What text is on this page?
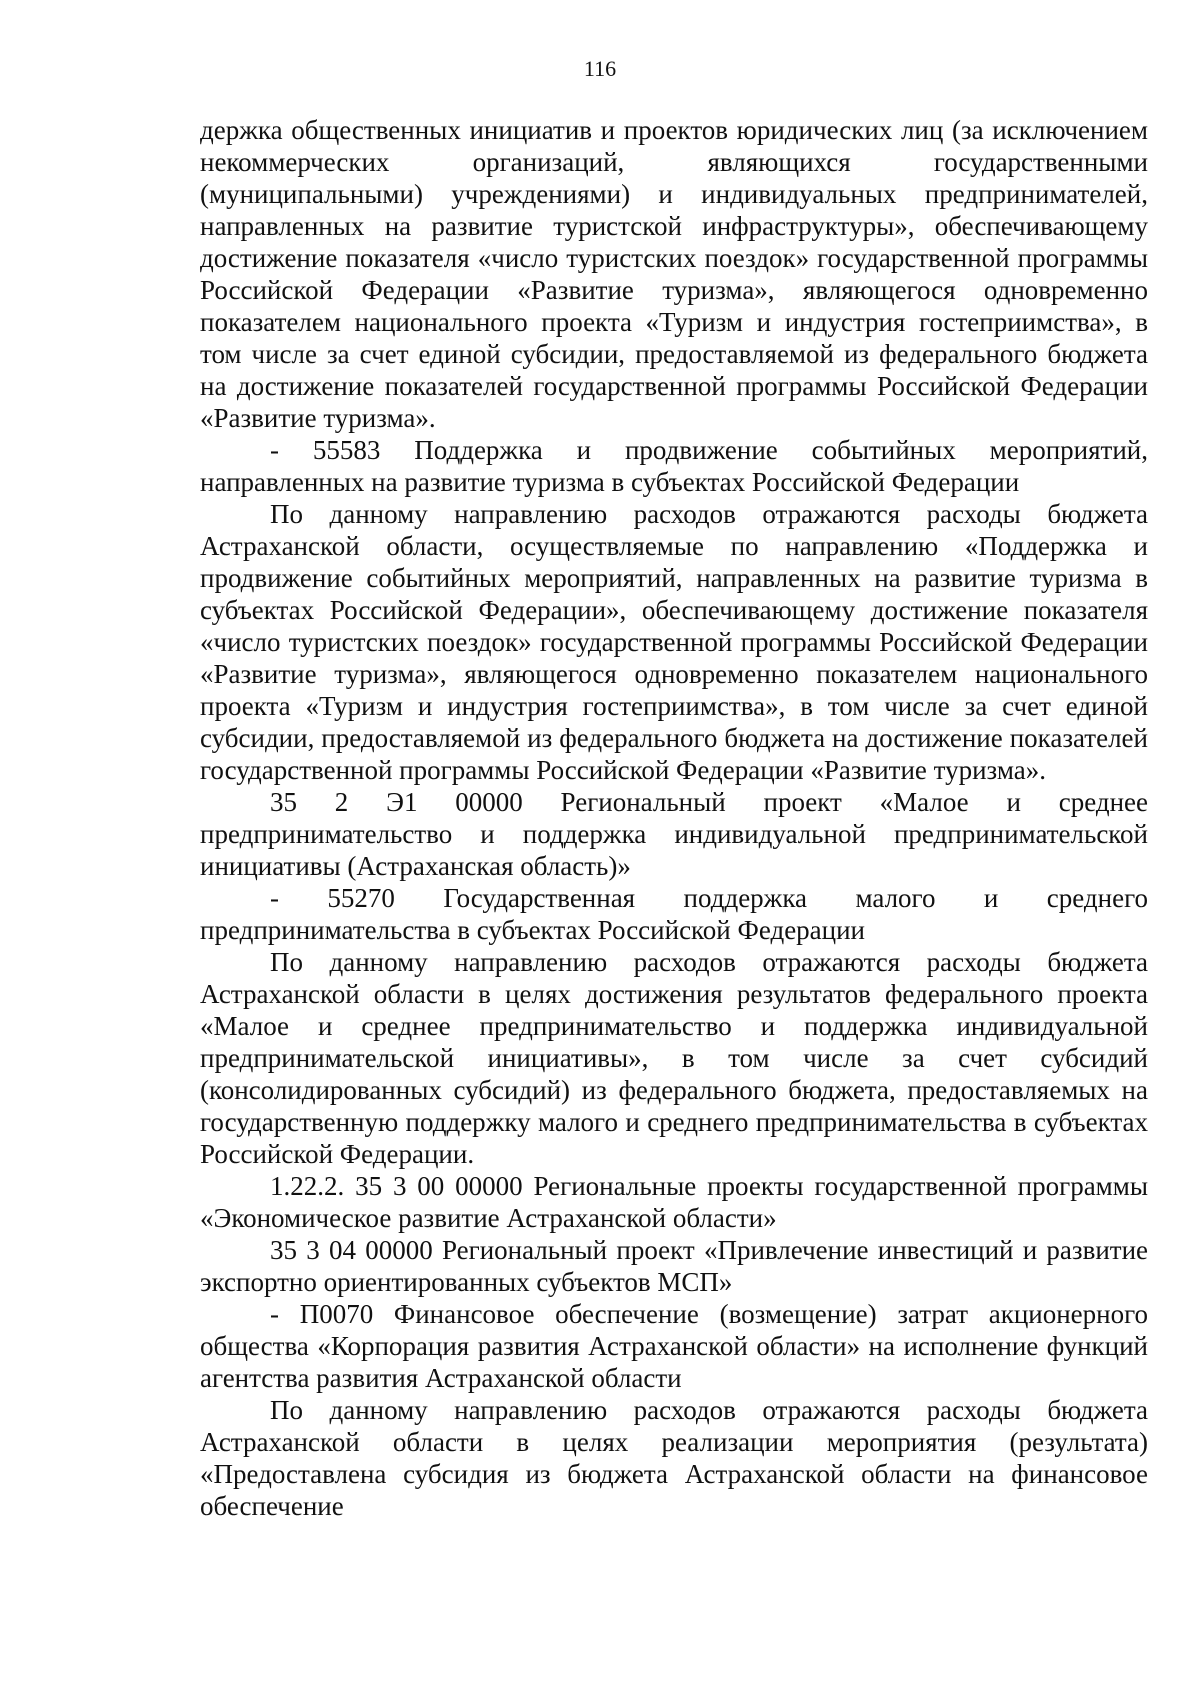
116

держка общественных инициатив и проектов юридических лиц (за исключением некоммерческих организаций, являющихся государственными (муниципальными) учреждениями) и индивидуальных предпринимателей, направленных на развитие туристской инфраструктуры», обеспечивающему достижение показателя «число туристских поездок» государственной программы Российской Федерации «Развитие туризма», являющегося одновременно показателем национального проекта «Туризм и индустрия гостеприимства», в том числе за счет единой субсидии, предоставляемой из федерального бюджета на достижение показателей государственной программы Российской Федерации «Развитие туризма».

- 55583 Поддержка и продвижение событийных мероприятий, направленных на развитие туризма в субъектах Российской Федерации

По данному направлению расходов отражаются расходы бюджета Астраханской области, осуществляемые по направлению «Поддержка и продвижение событийных мероприятий, направленных на развитие туризма в субъектах Российской Федерации», обеспечивающему достижение показателя «число туристских поездок» государственной программы Российской Федерации «Развитие туризма», являющегося одновременно показателем национального проекта «Туризм и индустрия гостеприимства», в том числе за счет единой субсидии, предоставляемой из федерального бюджета на достижение показателей государственной программы Российской Федерации «Развитие туризма».

35 2 Э1 00000 Региональный проект «Малое и среднее предпринимательство и поддержка индивидуальной предпринимательской инициативы (Астраханская область)»

- 55270 Государственная поддержка малого и среднего предпринимательства в субъектах Российской Федерации

По данному направлению расходов отражаются расходы бюджета Астраханской области в целях достижения результатов федерального проекта «Малое и среднее предпринимательство и поддержка индивидуальной предпринимательской инициативы», в том числе за счет субсидий (консолидированных субсидий) из федерального бюджета, предоставляемых на государственную поддержку малого и среднего предпринимательства в субъектах Российской Федерации.

1.22.2. 35 3 00 00000 Региональные проекты государственной программы «Экономическое развитие Астраханской области»

35 3 04 00000 Региональный проект «Привлечение инвестиций и развитие экспортно ориентированных субъектов МСП»

- П0070 Финансовое обеспечение (возмещение) затрат акционерного общества «Корпорация развития Астраханской области» на исполнение функций агентства развития Астраханской области

По данному направлению расходов отражаются расходы бюджета Астраханской области в целях реализации мероприятия (результата) «Предоставлена субсидия из бюджета Астраханской области на финансовое обеспечение
